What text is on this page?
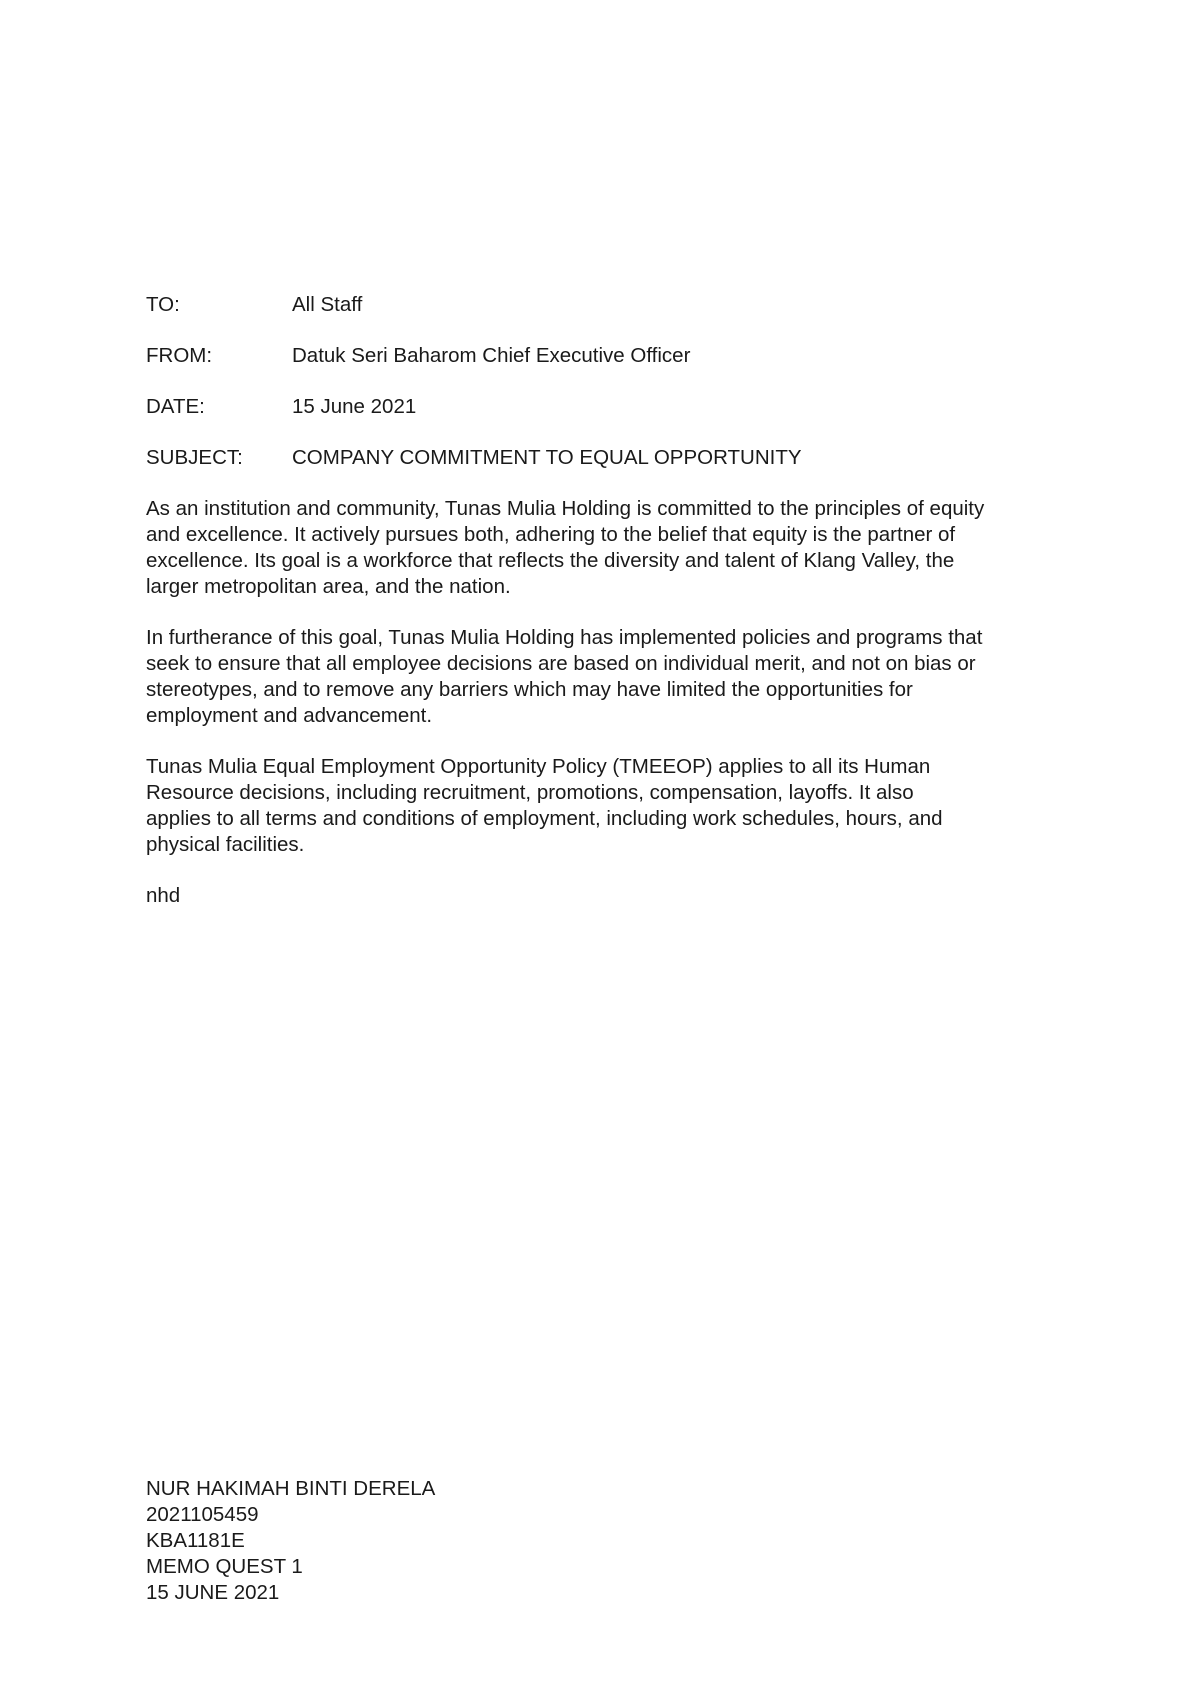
TO:	All Staff
FROM:	Datuk Seri Baharom Chief Executive Officer
DATE:	15 June 2021
SUBJECT:	COMPANY COMMITMENT TO EQUAL OPPORTUNITY

As an institution and community, Tunas Mulia Holding is committed to the principles of equity
and excellence. It actively pursues both, adhering to the belief that equity is the partner of
excellence. Its goal is a workforce that reflects the diversity and talent of Klang Valley, the
larger metropolitan area, and the nation.

In furtherance of this goal, Tunas Mulia Holding has implemented policies and programs that
seek to ensure that all employee decisions are based on individual merit, and not on bias or
stereotypes, and to remove any barriers which may have limited the opportunities for
employment and advancement.

Tunas Mulia Equal Employment Opportunity Policy (TMEEOP) applies to all its Human
Resource decisions, including recruitment, promotions, compensation, layoffs. It also
applies to all terms and conditions of employment, including work schedules, hours, and
physical facilities.

nhd

NUR HAKIMAH BINTI DERELA
2021105459
KBA1181E
MEMO QUEST 1
15 JUNE 2021
